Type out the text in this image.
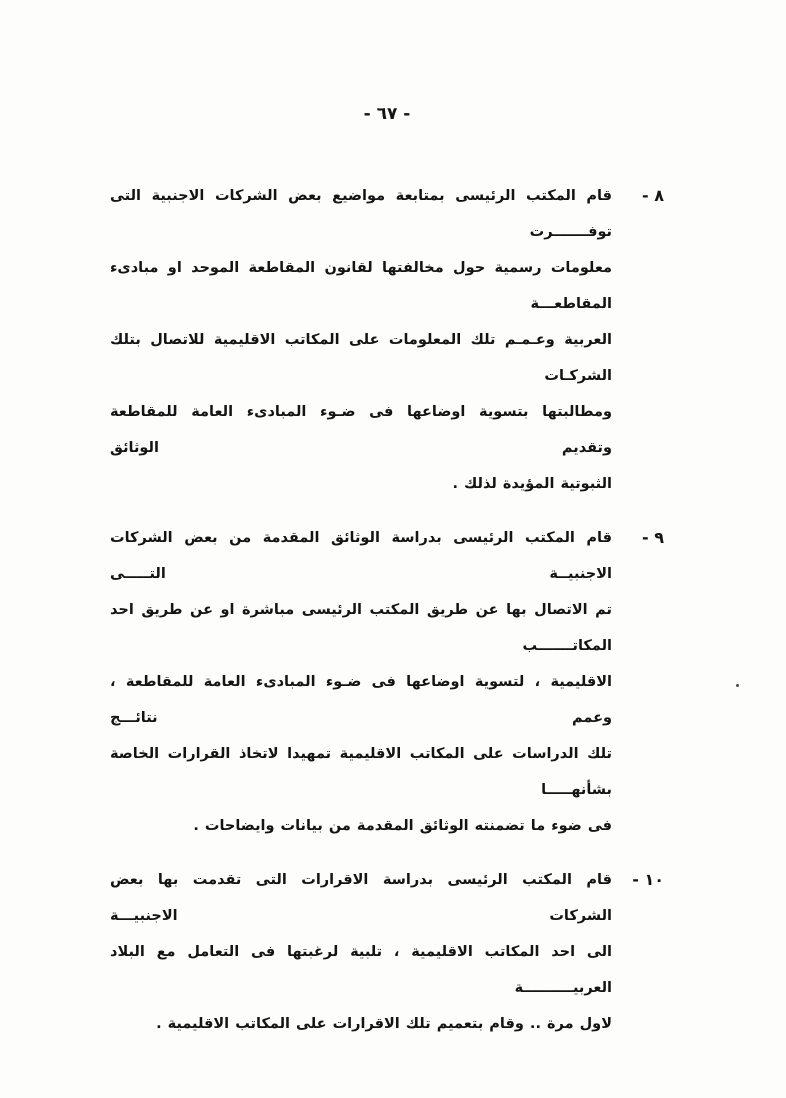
- ٦٧ -
٨ -
قام المكتب الرئيسى بمتابعة مواضيع بعض الشركات الاجنبية التى توفـــــــرت
معلومات رسمية حول مخالفتها لقانون المقاطعة الموحد او مبادىء المقاطعـــة
العربية وعـمـم تلك المعلومات على المكاتب الاقليمية للاتصال بتلك الشركـات
ومطالبتها بتسوية اوضاعها فى ضـوء المبادىء العامة للمقاطعة وتقديم الوثائق
الثبوتية المؤيدة لذلك .
٩ -
قام المكتب الرئيسى بدراسة الوثائق المقدمة من بعض الشركات الاجنبيــة التـــــى
تم الاتصال بها عن طريق المكتب الرئيسى مباشرة او عن طريق احد المكاتـــــــب
الاقليمية ، لتسوية اوضاعها فى ضـوء المبادىء العامة للمقاطعة ، وعمم نتائـــج
تلك الدراسات على المكاتب الاقليمية تمهيدا لاتخاذ القرارات الخاصة بشأنهـــــا
فى ضوء ما تضمنته الوثائق المقدمة من بيانات وايضاحات .
١٠ -
قام المكتب الرئيسى بدراسة الاقرارات التى تقدمت بها بعض الشركات الاجنبيـــة
الى احد المكاتب الاقليمية ، تلبية لرغبتها فى التعامل مع البلاد العربيــــــــــة
لاول مرة .. وقام بتعميم تلك الاقرارات على المكاتب الاقليمية .
